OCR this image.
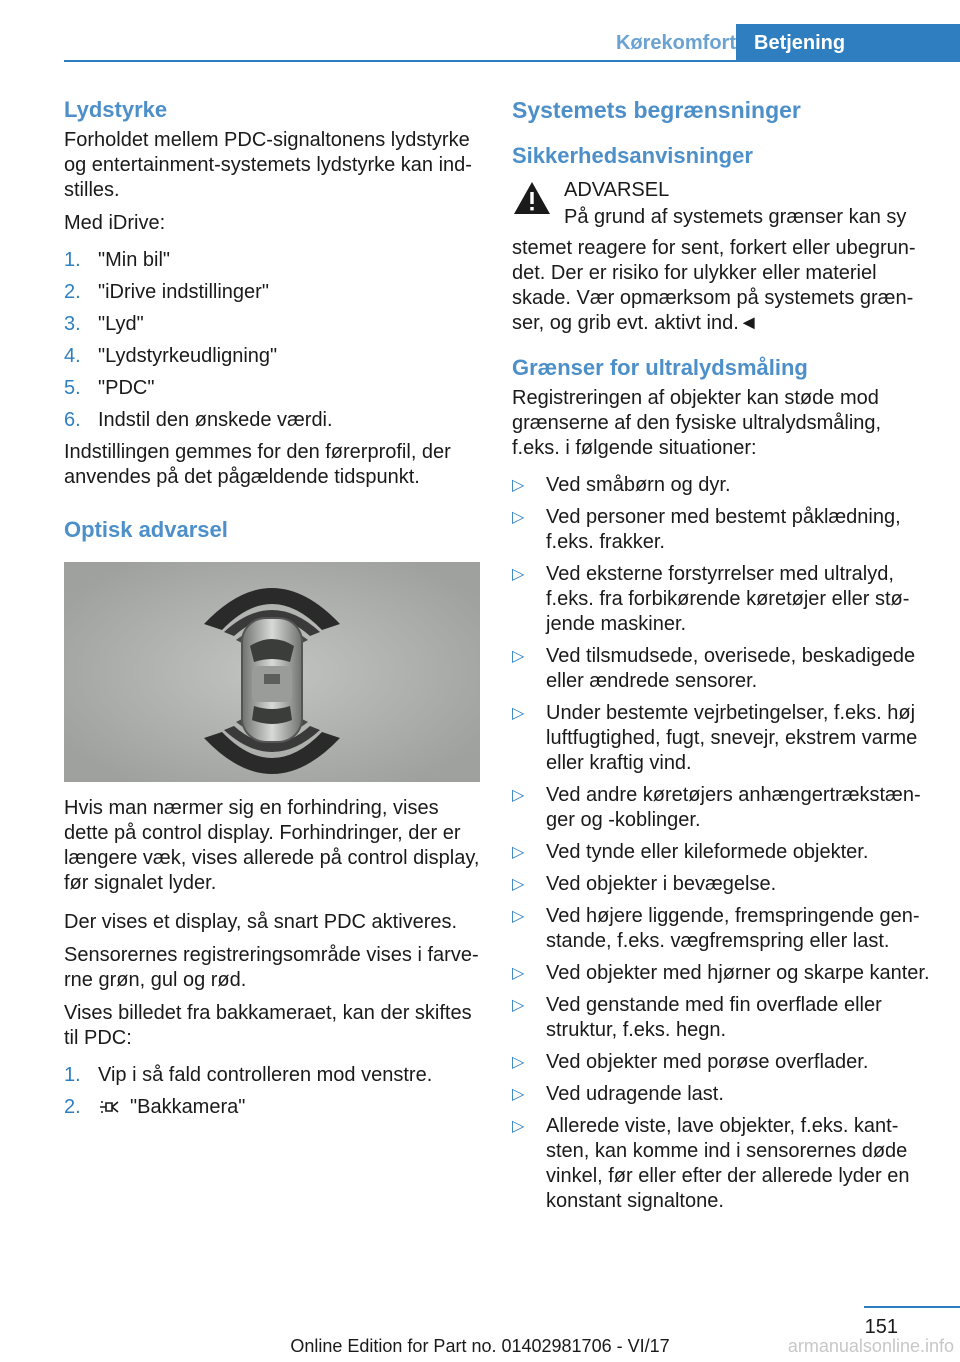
Kørekomfort Betjening
Lydstyrke

Forholdet mellem PDC-signaltonens lydstyrke og entertainment-systemets lydstyrke kan indstilles.

Med iDrive:

1. "Min bil"
2. "iDrive indstillinger"
3. "Lyd"
4. "Lydstyrkeudligning"
5. "PDC"
6. Indstil den ønskede værdi.

Indstillingen gemmes for den førerprofil, der anvendes på det pågældende tidspunkt.

Optisk advarsel

Hvis man nærmer sig en forhindring, vises dette på control display. Forhindringer, der er længere væk, vises allerede på control display, før signalet lyder.

Der vises et display, så snart PDC aktiveres.

Sensorernes registreringsområde vises i farverne grøn, gul og rød.

Vises billedet fra bakkameraet, kan der skiftes til PDC:

1. Vip i så fald controlleren mod venstre.
2. "Bakkamera"
Systemets begrænsninger
Sikkerhedsanvisninger
ADVARSEL

På grund af systemets grænser kan sy

stemet reagere for sent, forkert eller ubegrundet. Der er risiko for ulykker eller materiel skade. Vær opmærksom på systemets grænser, og grib evt. aktivt ind.◄

Grænser for ultralydsmåling

Registreringen af objekter kan støde mod grænserne af den fysiske ultralydsmåling, f.eks. i følgende situationer:

▷ Ved småbørn og dyr.
▷ Ved personer med bestemt påklædning, f.eks. frakker.
▷ Ved eksterne forstyrrelser med ultralyd, f.eks. fra forbikørende køretøjer eller støjende maskiner.
▷ Ved tilsmudsede, overisede, beskadigede eller ændrede sensorer.
▷ Under bestemte vejrbetingelser, f.eks. høj luftfugtighed, fugt, snevejr, ekstrem varme eller kraftig vind.
▷ Ved andre køretøjers anhængertrækstænger og -koblinger.
▷ Ved tynde eller kileformede objekter.
▷ Ved objekter i bevægelse.
▷ Ved højere liggende, fremspringende genstande, f.eks. vægfremspring eller last.
▷ Ved objekter med hjørner og skarpe kanter.
▷ Ved genstande med fin overflade eller struktur, f.eks. hegn.
▷ Ved objekter med porøse overflader.
▷ Ved udragende last.
▷ Allerede viste, lave objekter, f.eks. kantsten, kan komme ind i sensorernes døde vinkel, før eller efter der allerede lyder en konstant signaltone.
151
Online Edition for Part no. 01402981706 - VI/17	armanualsonline.info
